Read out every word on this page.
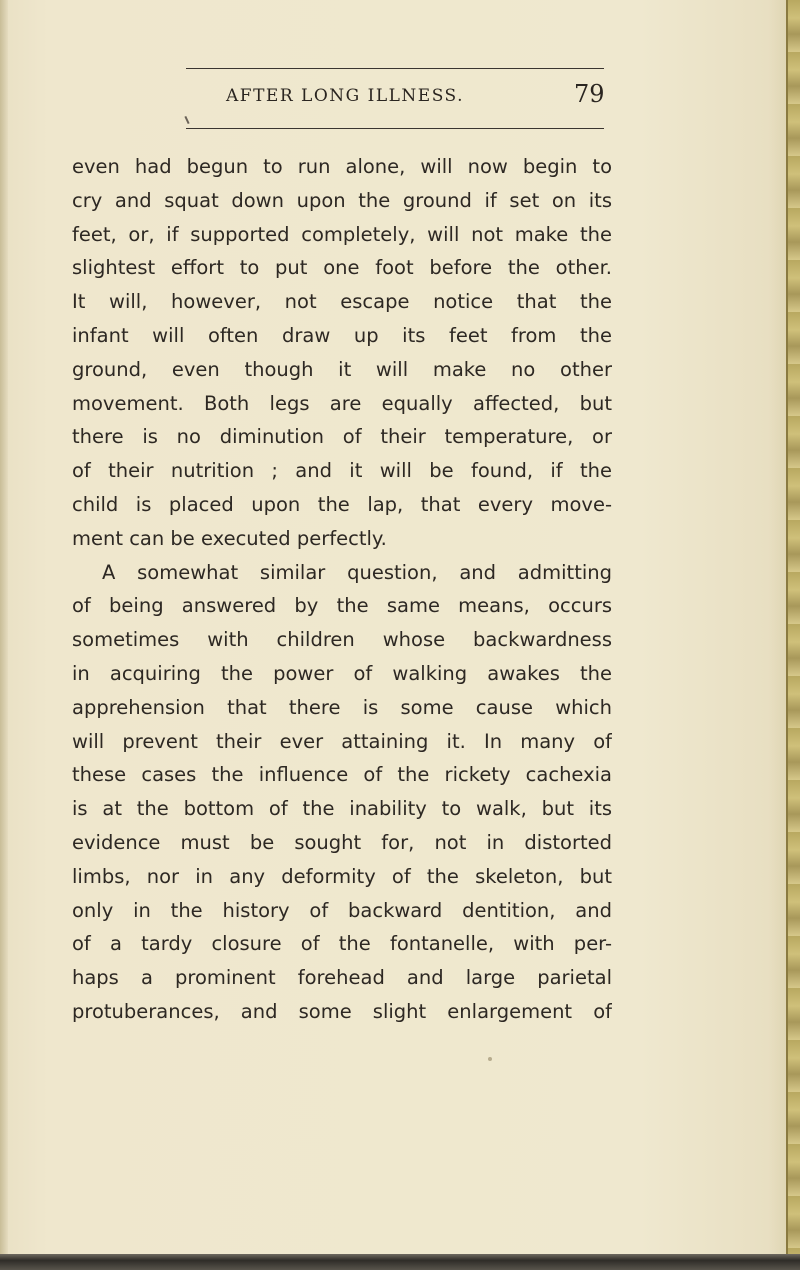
AFTER LONG ILLNESS.	79
even had begun to run alone, will now begin to
cry and squat down upon the ground if set on its
feet, or, if supported completely, will not make the
slightest effort to put one foot before the other.
It will, however, not escape notice that the
infant will often draw up its feet from the
ground, even though it will make no other
movement. Both legs are equally affected, but
there is no diminution of their temperature, or
of their nutrition ; and it will be found, if the
child is placed upon the lap, that every move-
ment can be executed perfectly.
A somewhat similar question, and admitting
of being answered by the same means, occurs
sometimes with children whose backwardness
in acquiring the power of walking awakes the
apprehension that there is some cause which
will prevent their ever attaining it. In many of
these cases the influence of the rickety cachexia
is at the bottom of the inability to walk, but its
evidence must be sought for, not in distorted
limbs, nor in any deformity of the skeleton, but
only in the history of backward dentition, and
of a tardy closure of the fontanelle, with per-
haps a prominent forehead and large parietal
protuberances, and some slight enlargement of
